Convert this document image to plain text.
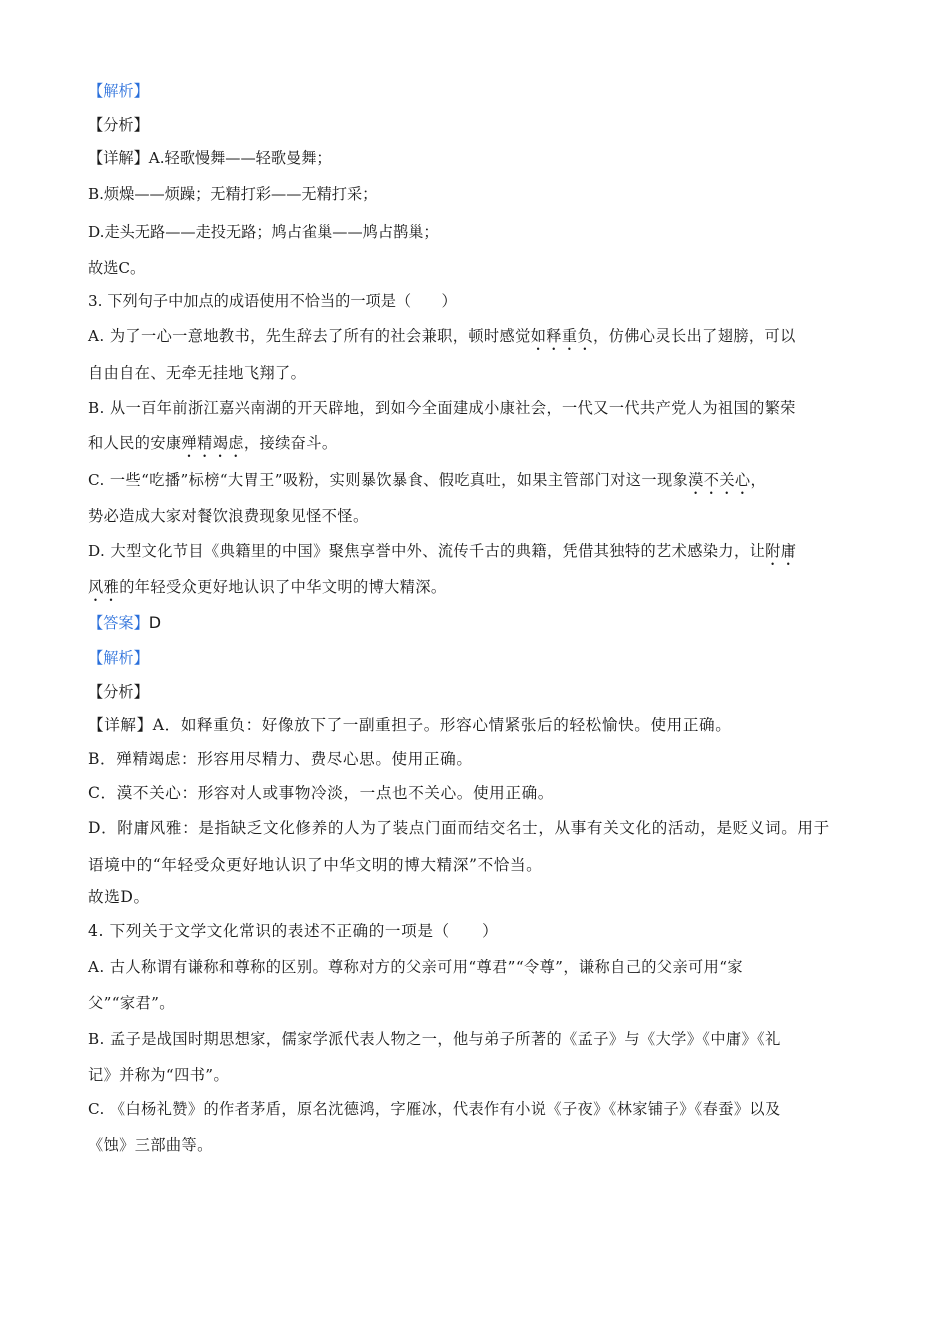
【解析】
【分析】
【详解】A.轻歌慢舞——轻歌曼舞；
B.烦燥——烦躁；无精打彩——无精打采；
D.走头无路——走投无路；鸠占雀巢——鸠占鹊巢；
故选C。
3. 下列句子中加点的成语使用不恰当的一项是（　　）
A. 为了一心一意地教书，先生辞去了所有的社会兼职，顿时感觉如释重负，仿佛心灵长出了翅膀，可以
自由自在、无牵无挂地飞翔了。
B. 从一百年前浙江嘉兴南湖的开天辟地，到如今全面建成小康社会，一代又一代共产党人为祖国的繁荣
和人民的安康殚精竭虑，接续奋斗。
C. 一些“吃播”标榜“大胃王”吸粉，实则暴饮暴食、假吃真吐，如果主管部门对这一现象漠不关心，
势必造成大家对餐饮浪费现象见怪不怪。
D. 大型文化节目《典籍里的中国》聚焦享誉中外、流传千古的典籍，凭借其独特的艺术感染力，让附庸
风雅的年轻受众更好地认识了中华文明的博大精深。
【答案】D
【解析】
【分析】
【详解】A．如释重负：好像放下了一副重担子。形容心情紧张后的轻松愉快。使用正确。
B．殚精竭虑：形容用尽精力、费尽心思。使用正确。
C．漠不关心：形容对人或事物冷淡，一点也不关心。使用正确。
D．附庸风雅：是指缺乏文化修养的人为了装点门面而结交名士，从事有关文化的活动，是贬义词。用于
语境中的“年轻受众更好地认识了中华文明的博大精深”不恰当。
故选D。
4. 下列关于文学文化常识的表述不正确的一项是（　　）
A. 古人称谓有谦称和尊称的区别。尊称对方的父亲可用“尊君”“令尊”，谦称自己的父亲可用“家
父”“家君”。
B. 孟子是战国时期思想家，儒家学派代表人物之一，他与弟子所著的《孟子》与《大学》《中庸》《礼
记》并称为“四书”。
C. 《白杨礼赞》的作者茅盾，原名沈德鸿，字雁冰，代表作有小说《子夜》《林家铺子》《春蚕》以及
《蚀》三部曲等。
